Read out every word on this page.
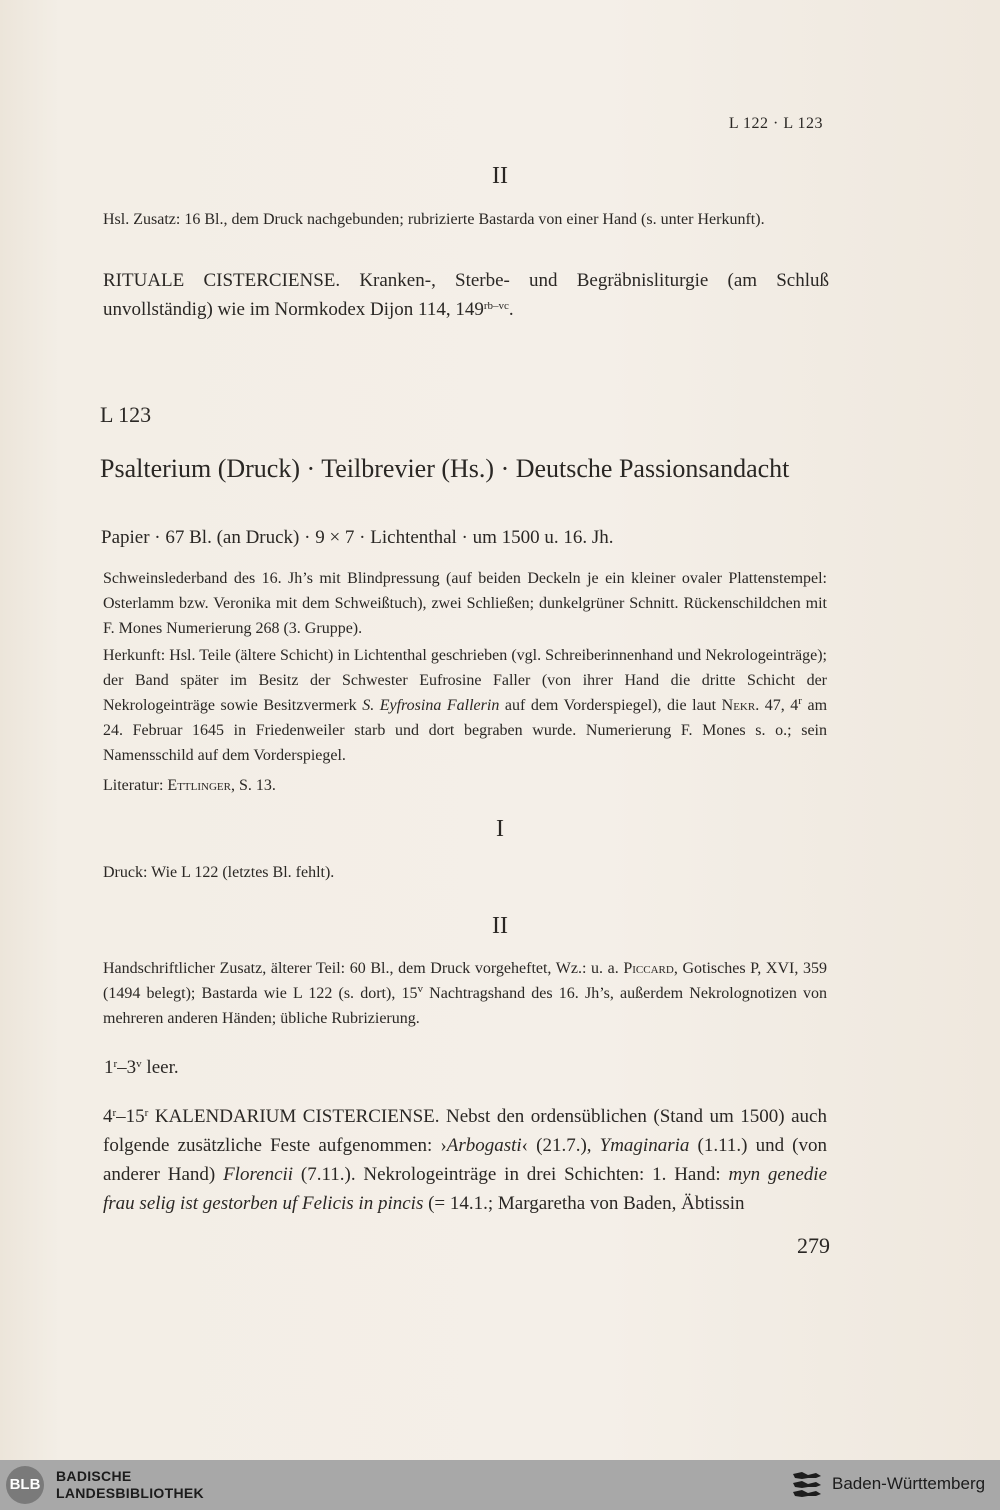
L 122 · L 123
II
Hsl. Zusatz: 16 Bl., dem Druck nachgebunden; rubrizierte Bastarda von einer Hand (s. unter Herkunft).
RITUALE CISTERCIENSE. Kranken-, Sterbe- und Begräbnisliturgie (am Schluß unvollständig) wie im Normkodex Dijon 114, $149^{rb-vc}$.
L 123
Psalterium (Druck) · Teilbrevier (Hs.) · Deutsche Passionsandacht
Papier · 67 Bl. (an Druck) · 9 × 7 · Lichtenthal · um 1500 u. 16. Jh.
Schweinslederband des 16. Jh’s mit Blindpressung (auf beiden Deckeln je ein kleiner ovaler Plattenstempel: Osterlamm bzw. Veronika mit dem Schweißtuch), zwei Schließen; dunkelgrüner Schnitt. Rückenschildchen mit F. Mones Numerierung 268 (3. Gruppe).
Herkunft: Hsl. Teile (ältere Schicht) in Lichtenthal geschrieben (vgl. Schreiberinnenhand und Nekrologeinträge); der Band später im Besitz der Schwester Eufrosine Faller (von ihrer Hand die dritte Schicht der Nekrologeinträge sowie Besitzvermerk S. Eyfrosina Fallerin auf dem Vorderspiegel), die laut Nekr. 47, 4$^r$ am 24. Februar 1645 in Friedenweiler starb und dort begraben wurde. Numerierung F. Mones s. o.; sein Namensschild auf dem Vorderspiegel.
Literatur: Ettlinger, S. 13.
I
Druck: Wie L 122 (letztes Bl. fehlt).
II
Handschriftlicher Zusatz, älterer Teil: 60 Bl., dem Druck vorgeheftet, Wz.: u. a. Piccard, Gotisches P, XVI, 359 (1494 belegt); Bastarda wie L 122 (s. dort), 15$^v$ Nachtragshand des 16. Jh’s, außerdem Nekrolognotizen von mehreren anderen Händen; übliche Rubrizierung.
1$^r$–3$^v$ leer.
4$^r$–15$^r$ KALENDARIUM CISTERCIENSE. Nebst den ordensüblichen (Stand um 1500) auch folgende zusätzliche Feste aufgenommen: ›Arbogasti‹ (21.7.), Ymaginaria (1.11.) und (von anderer Hand) Florencii (7.11.). Nekrologeinträge in drei Schichten: 1. Hand: myn genedie frau selig ist gestorben uf Felicis in pincis (= 14.1.; Margaretha von Baden, Äbtissin
279
BLB BADISCHE
LANDESBIBLIOTHEK	Baden-Württemberg
